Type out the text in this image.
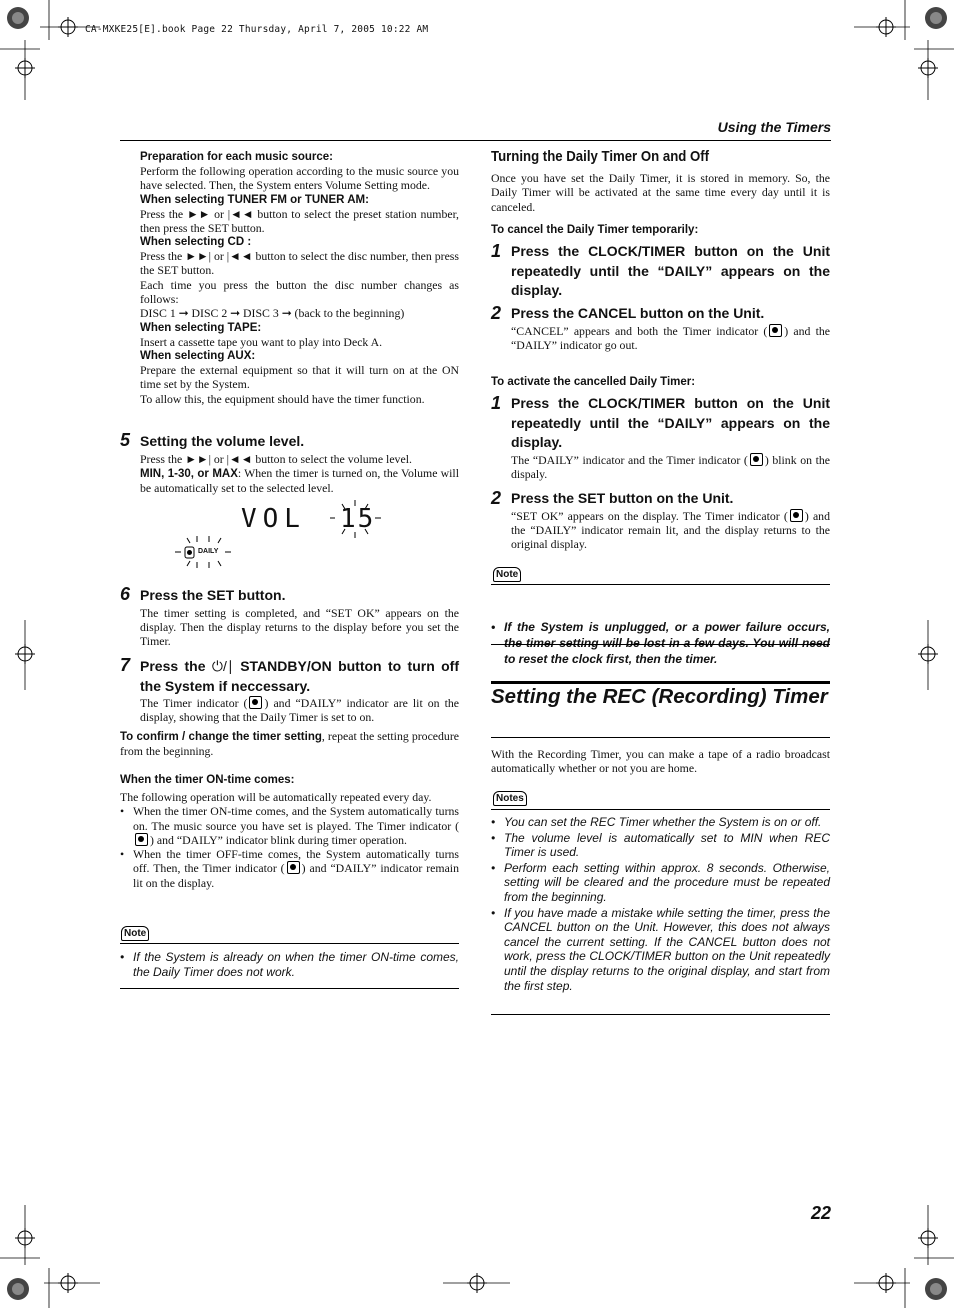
CA-MXKE25[E].book Page 22 Thursday, April 7, 2005 10:22 AM
Using the Timers
Preparation for each music source:
Perform the following operation according to the music source you have selected. Then, the System enters Volume Setting mode.
When selecting TUNER FM or TUNER AM:
Press the ►► or |◄◄ button to select the preset station number, then press the SET button.
When selecting CD :
Press the ►►| or |◄◄ button to select the disc number, then press the SET button.
Each time you press the button the disc number changes as follows:
DISC 1 ➞ DISC 2 ➞ DISC 3 ➞ (back to the beginning)
When selecting TAPE:
Insert a cassette tape you want to play into Deck A.
When selecting AUX:
Prepare the external equipment so that it will turn on at the ON time set by the System.
To allow this, the equipment should have the timer function.
5 Setting the volume level.
Press the ►►| or |◄◄ button to select the volume level.
MIN, 1-30, or MAX: When the timer is turned on, the Volume will be automatically set to the selected level.
VOL 15
DAILY
6 Press the SET button.
The timer setting is completed, and “SET OK” appears on the display. Then the display returns to the display before you set the Timer.
7 Press the ⏻/∣ STANDBY/ON button to turn off the System if neccessary.
The Timer indicator ( ) and “DAILY” indicator are lit on the display, showing that the Daily Timer is set to on.
To confirm / change the timer setting, repeat the setting procedure from the beginning.
When the timer ON-time comes:
The following operation will be automatically repeated every day.
• When the timer ON-time comes, and the System automatically turns on. The music source you have set is played. The Timer indicator () and “DAILY” indicator blink during timer operation.
• When the timer OFF-time comes, the System automatically turns off. Then, the Timer indicator ( ) and “DAILY” indicator remain lit on the display.
Note
• If the System is already on when the timer ON-time comes, the Daily Timer does not work.
Turning the Daily Timer On and Off
Once you have set the Daily Timer, it is stored in memory. So, the Daily Timer will be activated at the same time every day until it is canceled.
To cancel the Daily Timer temporarily:
1 Press the CLOCK/TIMER button on the Unit repeatedly until the “DAILY” appears on the display.
2 Press the CANCEL button on the Unit.
“CANCEL” appears and both the Timer indicator ( ) and the “DAILY” indicator go out.
To activate the cancelled Daily Timer:
1 Press the CLOCK/TIMER button on the Unit repeatedly until the “DAILY” appears on the display.
The “DAILY” indicator and the Timer indicator ( ) blink on the dispaly.
2 Press the SET button on the Unit.
“SET OK” appears on the display. The Timer indicator ( ) and the “DAILY” indicator remain lit, and the display returns to the original display.
Note
• If the System is unplugged, or a power failure occurs, the timer setting will be lost in a few days. You will need to reset the clock first, then the timer.
Setting the REC (Recording) Timer
With the Recording Timer, you can make a tape of a radio broadcast automatically whether or not you are home.
Notes
• You can set the REC Timer whether the System is on or off.
• The volume level is automatically set to MIN when REC Timer is used.
• Perform each setting within approx. 8 seconds. Otherwise, setting will be cleared and the procedure must be repeated from the beginning.
• If you have made a mistake while setting the timer, press the CANCEL button on the Unit. However, this does not always cancel the current setting. If the CANCEL button does not work, press the CLOCK/TIMER button on the Unit repeatedly until the display returns to the original display, and start from the first step.
22
